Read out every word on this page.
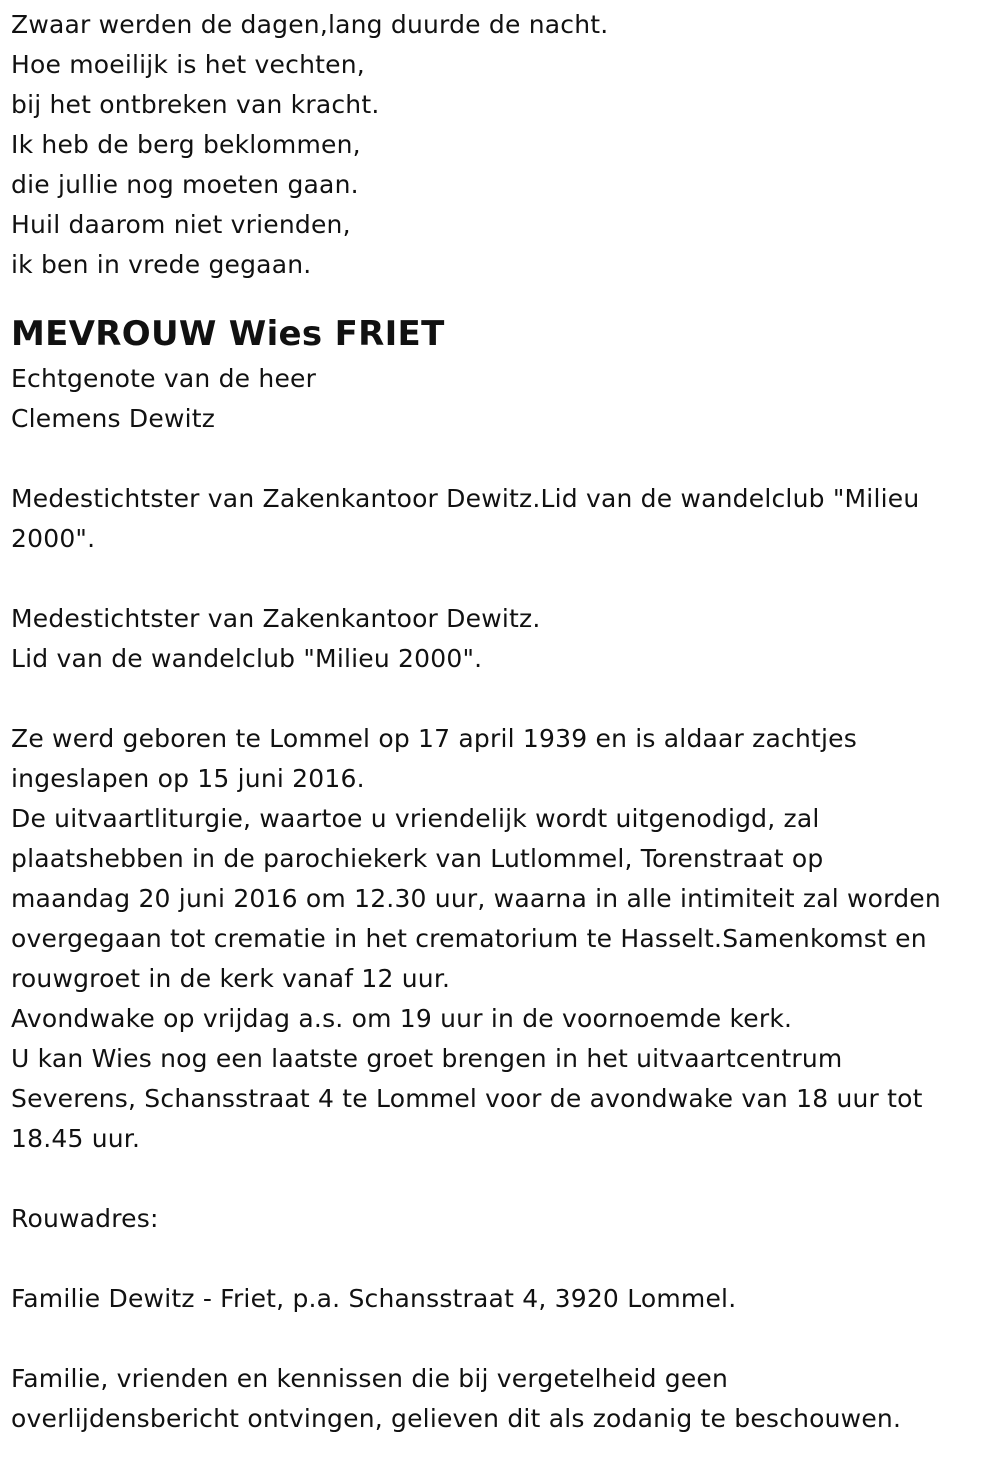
Zwaar werden de dagen,lang duurde de nacht.
Hoe moeilijk is het vechten,
bij het ontbreken van kracht.
Ik heb de berg beklommen,
die jullie nog moeten gaan.
Huil daarom niet vrienden,
ik ben in vrede gegaan.
MEVROUW Wies FRIET
Echtgenote van de heer
Clemens Dewitz
Medestichtster van Zakenkantoor Dewitz.Lid van de wandelclub "Milieu
2000".
Medestichtster van Zakenkantoor Dewitz.
Lid van de wandelclub "Milieu 2000".
Ze werd geboren te Lommel op 17 april 1939 en is aldaar zachtjes
ingeslapen op 15 juni 2016.
De uitvaartliturgie, waartoe u vriendelijk wordt uitgenodigd, zal
plaatshebben in de parochiekerk van Lutlommel, Torenstraat op
maandag 20 juni 2016 om 12.30 uur, waarna in alle intimiteit zal worden
overgegaan tot crematie in het crematorium te Hasselt.Samenkomst en
rouwgroet in de kerk vanaf 12 uur.
Avondwake op vrijdag a.s. om 19 uur in de voornoemde kerk.
U kan Wies nog een laatste groet brengen in het uitvaartcentrum
Severens, Schansstraat 4 te Lommel voor de avondwake van 18 uur tot
18.45 uur.
Rouwadres:
Familie Dewitz - Friet, p.a. Schansstraat 4, 3920 Lommel.
Familie, vrienden en kennissen die bij vergetelheid geen
overlijdensbericht ontvingen, gelieven dit als zodanig te beschouwen.
